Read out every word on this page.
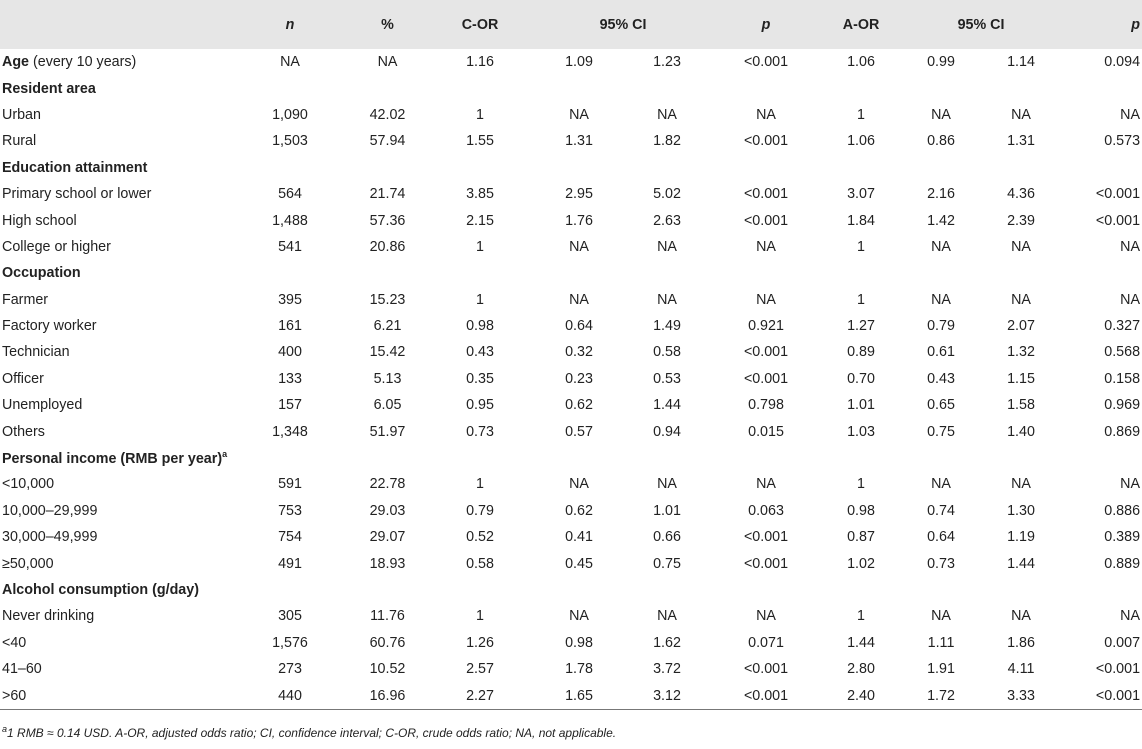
	n	%	C-OR	95% CI		p	A-OR	95% CI		p
Age (every 10 years)	NA	NA	1.16	1.09	1.23	<0.001	1.06	0.99	1.14	0.094
Resident area										
Urban	1,090	42.02	1	NA	NA	NA	1	NA	NA	NA
Rural	1,503	57.94	1.55	1.31	1.82	<0.001	1.06	0.86	1.31	0.573
Education attainment										
Primary school or lower	564	21.74	3.85	2.95	5.02	<0.001	3.07	2.16	4.36	<0.001
High school	1,488	57.36	2.15	1.76	2.63	<0.001	1.84	1.42	2.39	<0.001
College or higher	541	20.86	1	NA	NA	NA	1	NA	NA	NA
Occupation										
Farmer	395	15.23	1	NA	NA	NA	1	NA	NA	NA
Factory worker	161	6.21	0.98	0.64	1.49	0.921	1.27	0.79	2.07	0.327
Technician	400	15.42	0.43	0.32	0.58	<0.001	0.89	0.61	1.32	0.568
Officer	133	5.13	0.35	0.23	0.53	<0.001	0.70	0.43	1.15	0.158
Unemployed	157	6.05	0.95	0.62	1.44	0.798	1.01	0.65	1.58	0.969
Others	1,348	51.97	0.73	0.57	0.94	0.015	1.03	0.75	1.40	0.869
Personal income (RMB per year)$^a$
<10,000	591	22.78	1	NA	NA	NA	1	NA	NA	NA
10,000–29,999	753	29.03	0.79	0.62	1.01	0.063	0.98	0.74	1.30	0.886
30,000–49,999	754	29.07	0.52	0.41	0.66	<0.001	0.87	0.64	1.19	0.389
≥50,000	491	18.93	0.58	0.45	0.75	<0.001	1.02	0.73	1.44	0.889
Alcohol consumption (g/day)										
Never drinking	305	11.76	1	NA	NA	NA	1	NA	NA	NA
<40	1,576	60.76	1.26	0.98	1.62	0.071	1.44	1.11	1.86	0.007
41–60	273	10.52	2.57	1.78	3.72	<0.001	2.80	1.91	4.11	<0.001
>60	440	16.96	2.27	1.65	3.12	<0.001	2.40	1.72	3.33	<0.001
$^a$1 RMB ≈ 0.14 USD. A-OR, adjusted odds ratio; CI, confidence interval; C-OR, crude odds ratio; NA, not applicable.
